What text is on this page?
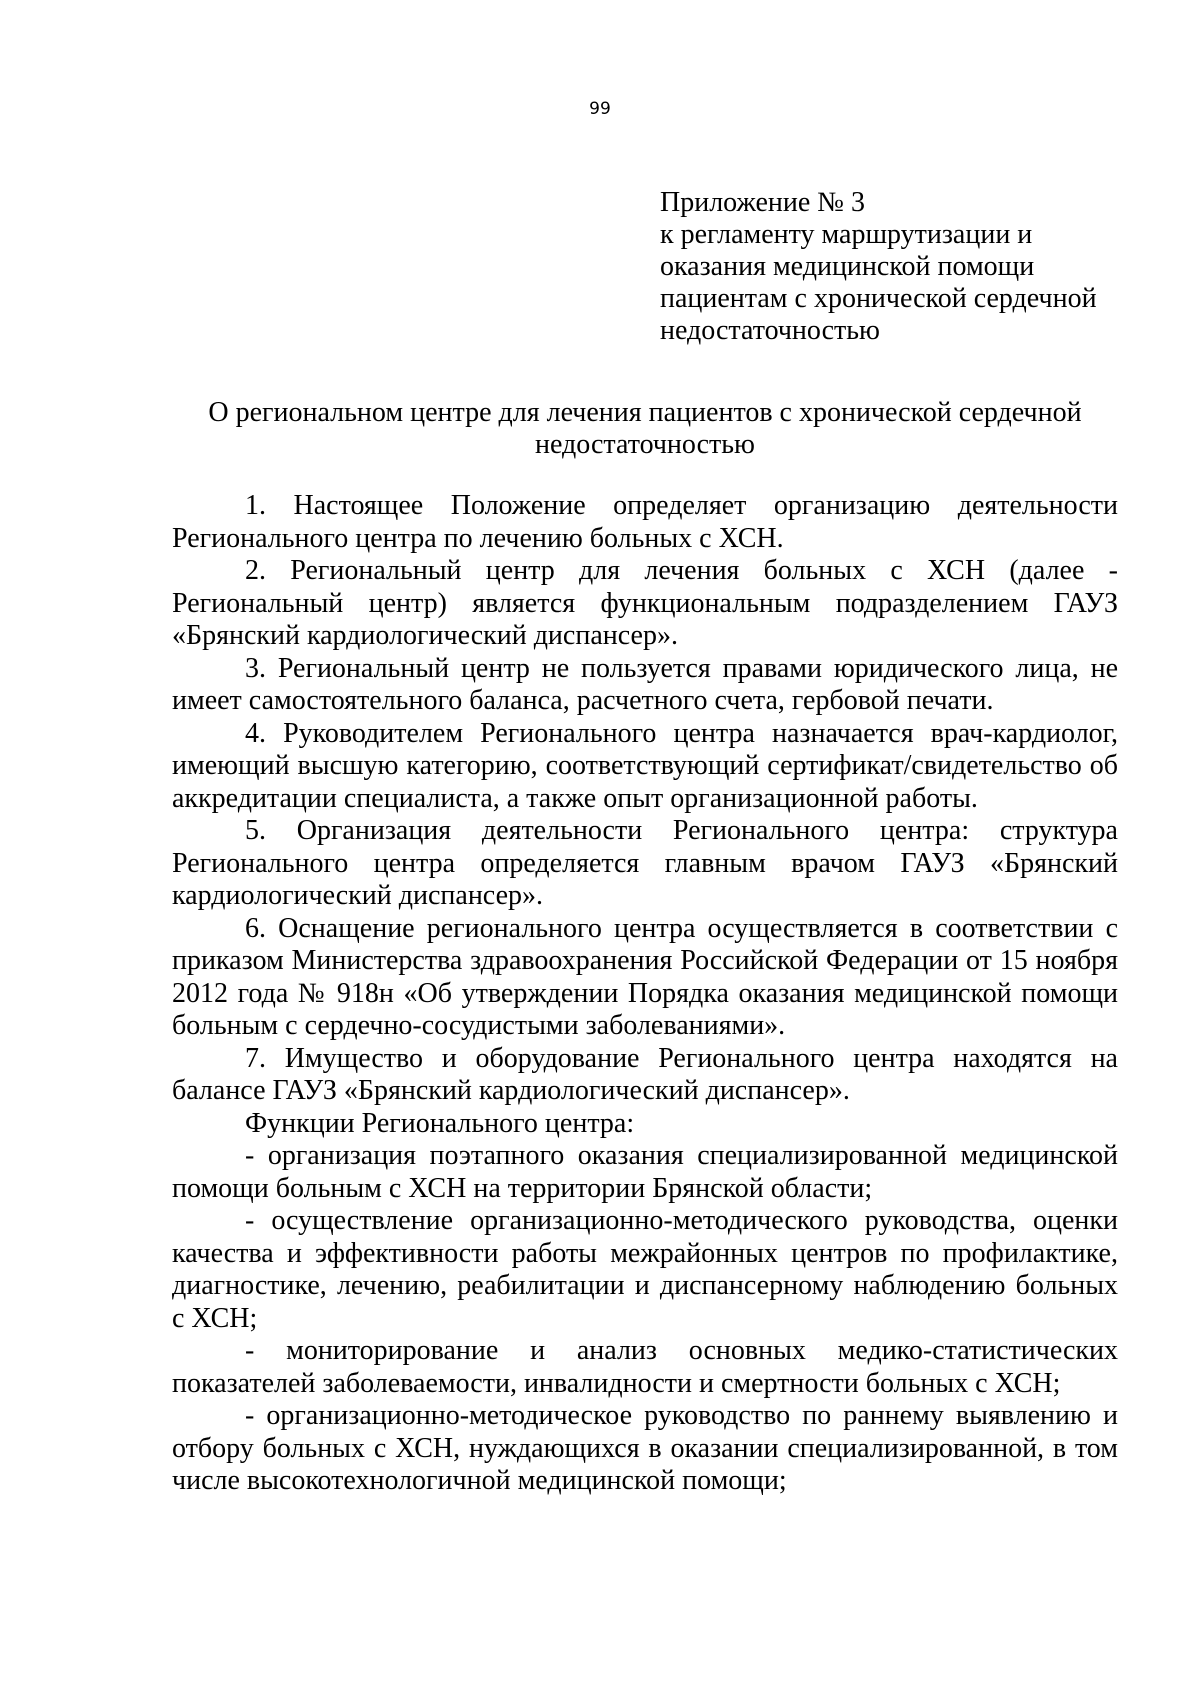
99
Приложение № 3
к регламенту маршрутизации и
оказания медицинской помощи
пациентам с хронической сердечной
недостаточностью
О региональном центре для лечения пациентов с хронической сердечной недостаточностью

1. Настоящее Положение определяет организацию деятельности Регионального центра по лечению больных с ХСН.

2. Региональный центр для лечения больных с ХСН (далее - Региональный центр) является функциональным подразделением ГАУЗ «Брянский кардиологический диспансер».

3. Региональный центр не пользуется правами юридического лица, не имеет самостоятельного баланса, расчетного счета, гербовой печати.

4. Руководителем Регионального центра назначается врач-кардиолог, имеющий высшую категорию, соответствующий сертификат/свидетельство об аккредитации специалиста, а также опыт организационной работы.

5. Организация деятельности Регионального центра: структура Регионального центра определяется главным врачом ГАУЗ «Брянский кардиологический диспансер».

6. Оснащение регионального центра осуществляется в соответствии с приказом Министерства здравоохранения Российской Федерации от 15 ноября 2012 года № 918н «Об утверждении Порядка оказания медицинской помощи больным с сердечно-сосудистыми заболеваниями».

7. Имущество и оборудование Регионального центра находятся на балансе ГАУЗ «Брянский кардиологический диспансер».

Функции Регионального центра:

- организация поэтапного оказания специализированной медицинской помощи больным с ХСН на территории Брянской области;

- осуществление организационно-методического руководства, оценки качества и эффективности работы межрайонных центров по профилактике, диагностике, лечению, реабилитации и диспансерному наблюдению больных с ХСН;

- мониторирование и анализ основных медико-статистических показателей заболеваемости, инвалидности и смертности больных с ХСН;

- организационно-методическое руководство по раннему выявлению и отбору больных с ХСН, нуждающихся в оказании специализированной, в том числе высокотехнологичной медицинской помощи;
